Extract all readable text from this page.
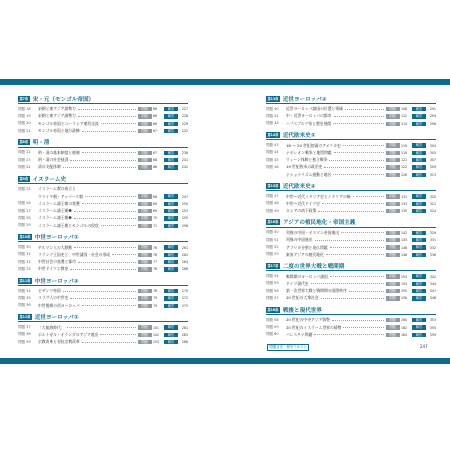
第7章 宋・元（モンゴル帝国）
問題 18	宋朝と東アジア諸勢力	問題	66	解答	227
問題 19	宋朝と東アジア諸勢力	問題	66	解答	228
問題 20	モンゴル帝国とユーラシア東西交流	問題	66	解答	229
問題 21	モンゴル帝国と地方政権	問題	67	解答	232
第8章 明・清
問題 22	明・清の基本制度と税制	問題	67	解答	238
問題 23	明・清の社会経済	問題	68	解答	241
問題 24	清の支配体制	問題	68	解答	242
第9章 イスラーム史
問題 25	イスラーム教の成立と
ウマイヤ朝・アッバース朝	問題	68	解答	247
問題 26	イスラーム諸王朝の変遷	問題	69	解答	250
問題 27	イスラーム諸王朝❶	問題	69	解答	253
問題 28	イスラーム諸王朝❷	問題	70	解答	255
問題 29	イスラーム諸王朝とモンゴルの侵攻	問題	71	解答	258
第10章 中世ヨーロッパ①
問題 30	ゲルマン人の大移動	問題	76	解答	261
問題 31	フランク王国史と、中世諸国・社会の形成	問題	76	解答	262
問題 32	中世社会の変遷と都市	問題	77	解答	264
問題 33	中世ドイツと教皇	問題	78	解答	266
第11章 中世ヨーロッパ②
問題 34	ビザンツ帝国	問題	78	解答	270
問題 35	スラヴ人の中世史	問題	79	解答	272
問題 36	中世後期の西ヨーロッパ	問題	79	解答	275
第12章 近世ヨーロッパ①
問題 37	「大航海時代」	問題	101	解答	281
問題 38	ポルトガル・オランダのアジア進出	問題	102	解答	283
問題 39	宗教改革と対抗宗教改革	問題	103	解答	286
第13章 近世ヨーロッパ②
問題 40	近世ヨーロッパ諸国の位置と領域	問題	108	解答	291
問題 41	中・近世ヨーロッパの都市	問題	112	解答	294
問題 42	ハプスブルク家と歴史展開	問題	114	解答	296
第14章 近代欧米史①
問題 43	18 ～ 20 世紀初頭のアメリカ史	問題	119	解答	304
問題 44	ナポレオン戦争と地図問題	問題	119	解答	305
問題 45	ウィーン体制と独立戦争	問題	121	解答	307
問題 46	19 世紀欧米の政治史	問題	122	解答	309
ナショナリズム運動と地名	問題	126	解答	313
第15章 近代欧米史②
問題 47	中世～近代イタリア史とイタリアの統一	問題	131	解答	320
問題 48	中世～近代ドイツ史	問題	133	解答	321
問題 49	ロシアの南下政策	問題	135	解答	324
第16章 アジアの植民地化・帝国主義
問題 50	列強の中国・オスマン帝国進出	問題	142	解答	329
問題 51	列強の中国進出	問題	145	解答	331
問題 52	アフリカ分割と英仏問題	問題	146	解答	332
問題 53	東南アジアの植民地化	問題	148	解答	336
第17章 二度の世界大戦と戦間期
問題 54	戦間期のヨーロッパ諸国	問題	153	解答	342
問題 55	ドイツ現代史	問題	154	解答	344
問題 56	第一次世界大戦と戦間期の国際秩序	問題	155	解答	347
問題 57	20 世紀の大衆社会	問題	156	解答	348
第18章 戦後と現代世界
問題 58	20 世紀の中央アジア情勢	問題	160	解答	353
問題 59	20 世紀のイスラーム世界の情勢	問題	162	解答	355
問題 60	パレスチナ問題	問題	164	解答	359
問題目次　歴史テキスト	247
